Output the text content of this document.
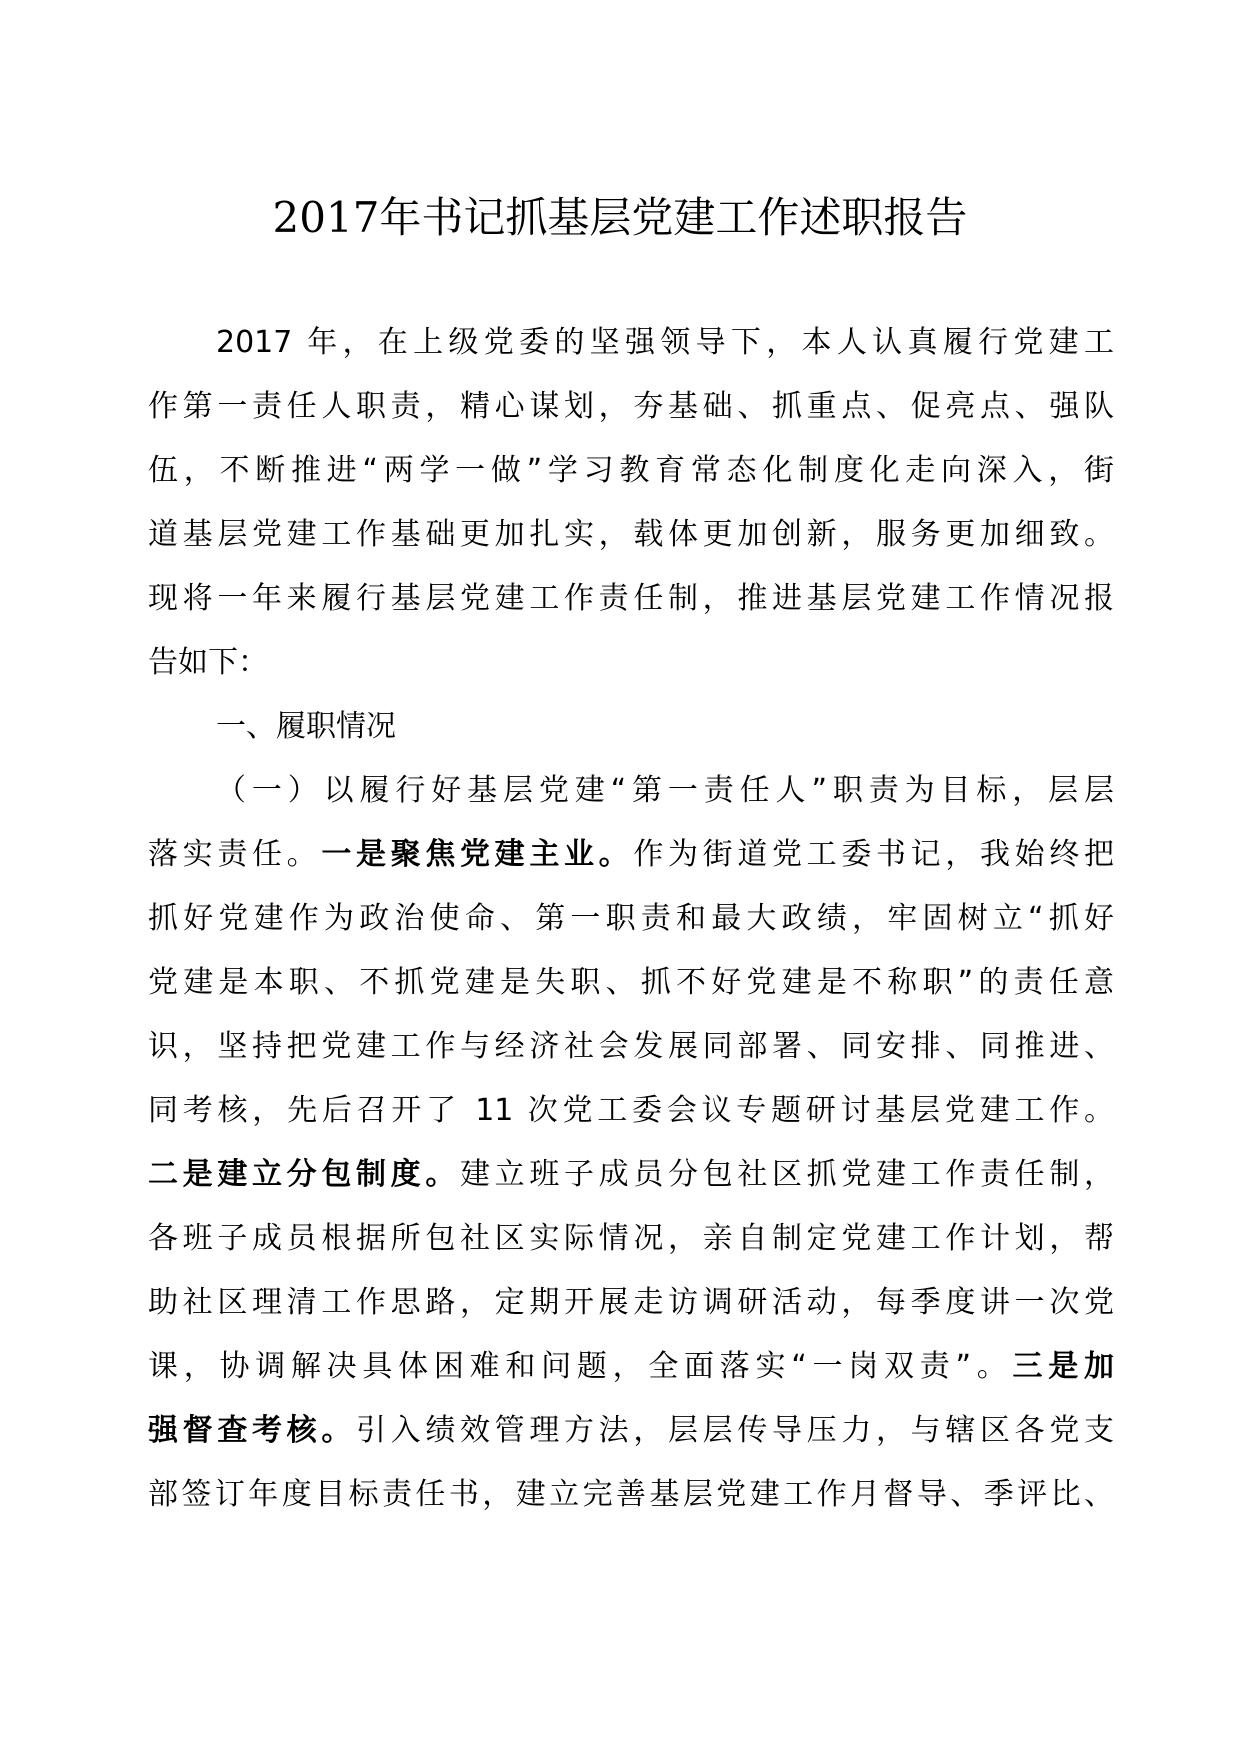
2017年书记抓基层党建工作述职报告
2017 年，在上级党委的坚强领导下，本人认真履行党建工
作第一责任人职责，精心谋划，夯基础、抓重点、促亮点、强队
伍，不断推进“两学一做”学习教育常态化制度化走向深入，街
道基层党建工作基础更加扎实，载体更加创新，服务更加细致。
现将一年来履行基层党建工作责任制，推进基层党建工作情况报
告如下：
一、履职情况
（一）以履行好基层党建“第一责任人”职责为目标，层层
落实责任。一是聚焦党建主业。作为街道党工委书记，我始终把
抓好党建作为政治使命、第一职责和最大政绩，牢固树立“抓好
党建是本职、不抓党建是失职、抓不好党建是不称职”的责任意
识，坚持把党建工作与经济社会发展同部署、同安排、同推进、
同考核，先后召开了 11 次党工委会议专题研讨基层党建工作。
二是建立分包制度。建立班子成员分包社区抓党建工作责任制，
各班子成员根据所包社区实际情况，亲自制定党建工作计划，帮
助社区理清工作思路，定期开展走访调研活动，每季度讲一次党
课，协调解决具体困难和问题，全面落实“一岗双责”。三是加
强督查考核。引入绩效管理方法，层层传导压力，与辖区各党支
部签订年度目标责任书，建立完善基层党建工作月督导、季评比、
